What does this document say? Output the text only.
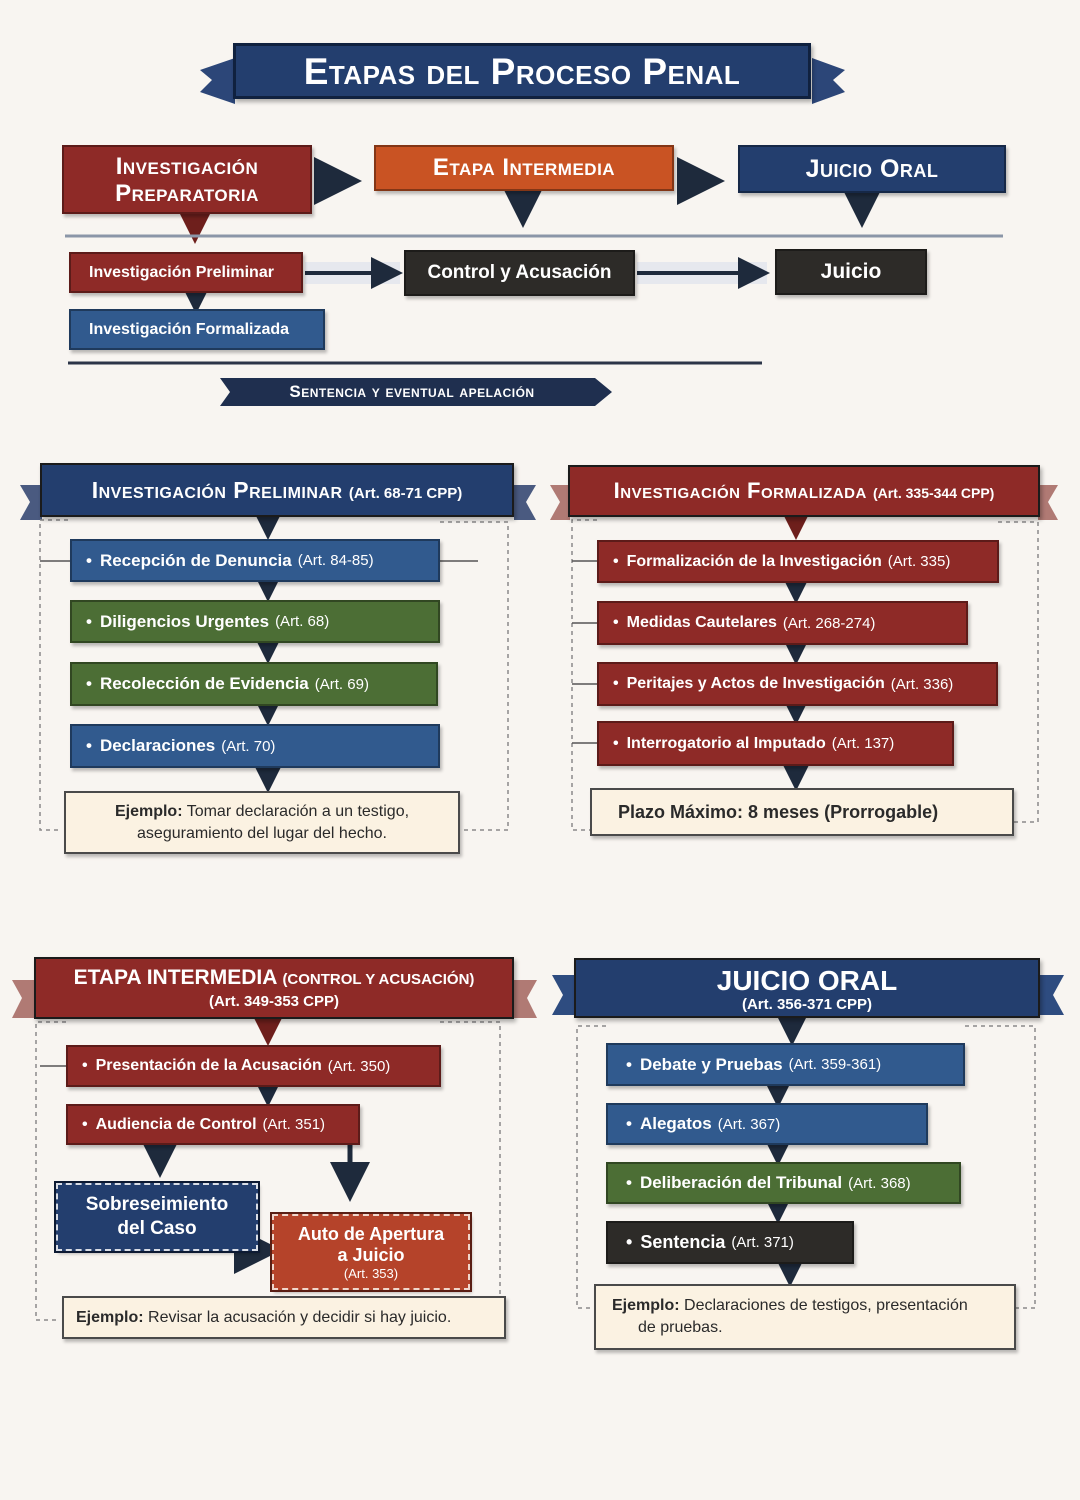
Etapas del Proceso Penal
Investigación
Preparatoria
Etapa Intermedia	Juicio Oral
Investigación Preliminar
Investigación Formalizada
Control y Acusación	Juicio
Sentencia y eventual apelación
Investigación Preliminar (Art. 68-71 CPP)
• Recepción de Denuncia (Art. 84-85)
• Diligencios Urgentes (Art. 68)
• Recolección de Evidencia (Art. 69)
• Declaraciones (Art. 70)
Ejemplo: Tomar declaración a un testigo,
aseguramiento del lugar del hecho.
Investigación Formalizada (Art. 335-344 CPP)
• Formalización de la Investigación (Art. 335)
• Medidas Cautelares (Art. 268-274)
• Peritajes y Actos de Investigación (Art. 336)
• Interrogatorio al Imputado (Art. 137)
Plazo Máximo:
8 meses (Prorrogable)
ETAPA INTERMEDIA (CONTROL Y ACUSACIÓN)
(Art. 349-353 CPP)
• Presentación de la Acusación (Art. 350)
• Audiencia de Control (Art. 351)
Sobreseimiento
del Caso	Auto de Apertura
a Juicio
(Art. 353)
Ejemplo:
Revisar la acusación y decidir si hay juicio.
JUICIO ORAL
(Art. 356-371 CPP)
• Debate y Pruebas (Art. 359-361)
• Alegatos (Art. 367)
• Deliberación del Tribunal (Art. 368)
• Sentencia (Art. 371)
Ejemplo: Declaraciones de testigos, presentación
de pruebas.
